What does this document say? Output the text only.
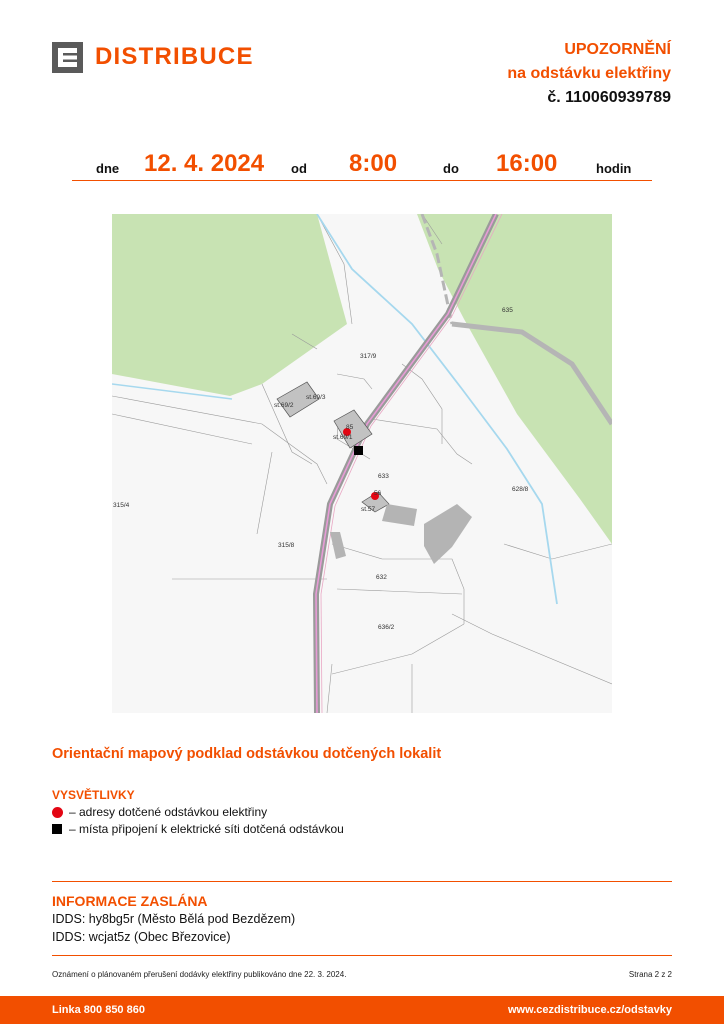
DISTRIBUCE	UPOZORNĚNÍ
na odstávku elektřiny
č. 110060939789
dne 12. 4. 2024 od 8:00	do 16:00	hodin
85
56
317/9
st.69/3
st.69/2
st.69/1
633
st.57
628/8
635
315/4
315/8
632
636/2
Orientační mapový podklad odstávkou dotčených lokalit
VYSVĚTLIVKY
– adresy dotčené odstávkou elektřiny
– místa připojení k elektrické síti dotčená odstávkou
INFORMACE ZASLÁNA
IDDS: hy8bg5r (Město Bělá pod Bezdězem)
IDDS: wcjat5z (Obec Březovice)
Oznámení o plánovaném přerušení dodávky elektřiny publikováno dne 22. 3. 2024.	Strana 2 z 2
Linka 800 850 860	www.cezdistribuce.cz/odstavky
